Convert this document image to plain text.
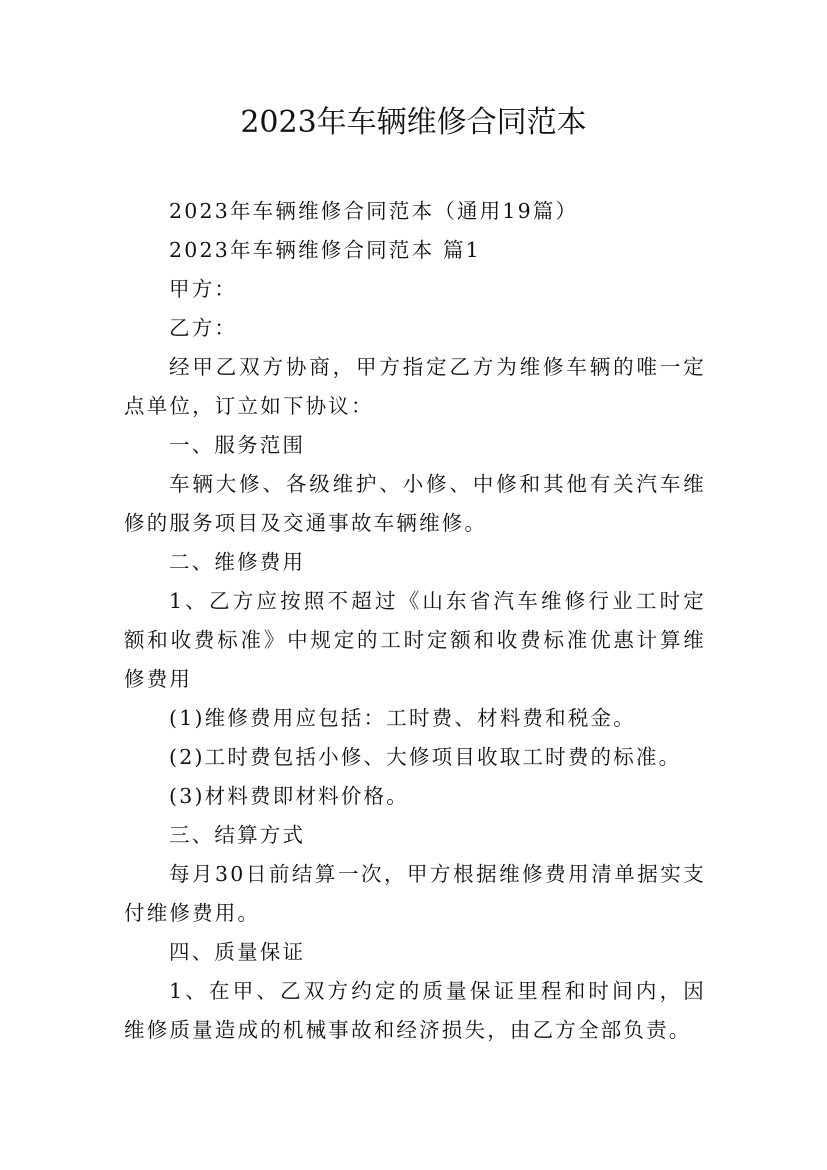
2023年车辆维修合同范本

2023年车辆维修合同范本（通用19篇）

2023年车辆维修合同范本 篇1

甲方：

乙方：

经甲乙双方协商，甲方指定乙方为维修车辆的唯一定点单位，订立如下协议：

一、服务范围

车辆大修、各级维护、小修、中修和其他有关汽车维修的服务项目及交通事故车辆维修。

二、维修费用

1、乙方应按照不超过《山东省汽车维修行业工时定额和收费标准》中规定的工时定额和收费标准优惠计算维修费用

(1)维修费用应包括：工时费、材料费和税金。

(2)工时费包括小修、大修项目收取工时费的标准。

(3)材料费即材料价格。

三、结算方式

每月30日前结算一次，甲方根据维修费用清单据实支付维修费用。

四、质量保证

1、在甲、乙双方约定的质量保证里程和时间内，因维修质量造成的机械事故和经济损失，由乙方全部负责。
